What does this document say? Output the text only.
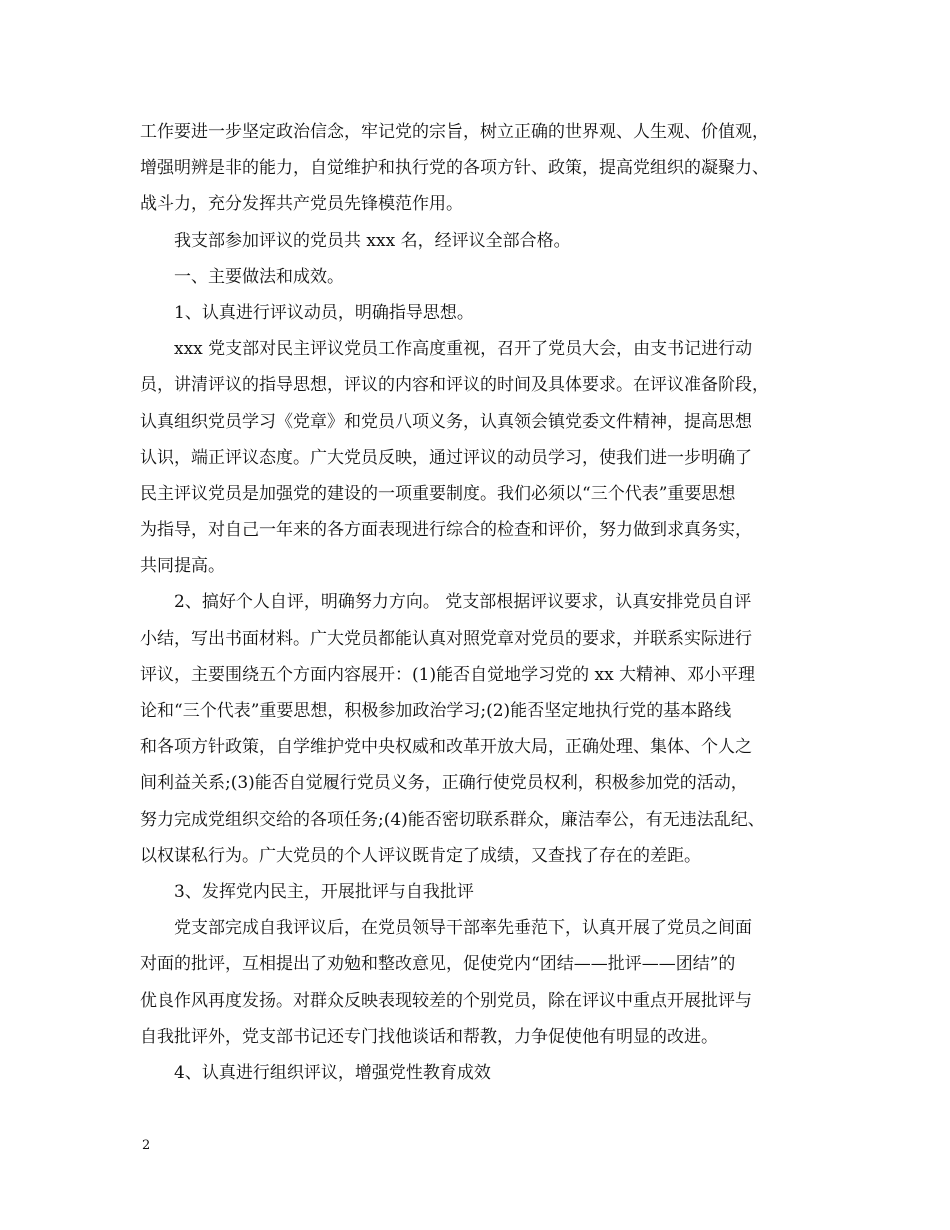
工作要进一步坚定政治信念，牢记党的宗旨，树立正确的世界观、人生观、价值观，
增强明辨是非的能力，自觉维护和执行党的各项方针、政策，提高党组织的凝聚力、
战斗力，充分发挥共产党员先锋模范作用。
我支部参加评议的党员共 xxx 名，经评议全部合格。
一、主要做法和成效。
1、认真进行评议动员，明确指导思想。
xxx 党支部对民主评议党员工作高度重视，召开了党员大会，由支书记进行动
员，讲清评议的指导思想，评议的内容和评议的时间及具体要求。在评议准备阶段，
认真组织党员学习《党章》和党员八项义务，认真领会镇党委文件精神，提高思想
认识，端正评议态度。广大党员反映，通过评议的动员学习，使我们进一步明确了
民主评议党员是加强党的建设的一项重要制度。我们必须以“三个代表”重要思想
为指导，对自己一年来的各方面表现进行综合的检查和评价，努力做到求真务实，
共同提高。
2、搞好个人自评，明确努力方向。 党支部根据评议要求，认真安排党员自评
小结，写出书面材料。广大党员都能认真对照党章对党员的要求，并联系实际进行
评议，主要围绕五个方面内容展开：(1)能否自觉地学习党的 xx 大精神、邓小平理
论和“三个代表”重要思想，积极参加政治学习;(2)能否坚定地执行党的基本路线
和各项方针政策，自学维护党中央权威和改革开放大局，正确处理、集体、个人之
间利益关系;(3)能否自觉履行党员义务，正确行使党员权利，积极参加党的活动，
努力完成党组织交给的各项任务;(4)能否密切联系群众，廉洁奉公，有无违法乱纪、
以权谋私行为。广大党员的个人评议既肯定了成绩，又查找了存在的差距。
3、发挥党内民主，开展批评与自我批评
党支部完成自我评议后，在党员领导干部率先垂范下，认真开展了党员之间面
对面的批评，互相提出了劝勉和整改意见，促使党内“团结——批评——团结”的
优良作风再度发扬。对群众反映表现较差的个别党员，除在评议中重点开展批评与
自我批评外，党支部书记还专门找他谈话和帮教，力争促使他有明显的改进。
4、认真进行组织评议，增强党性教育成效
2
